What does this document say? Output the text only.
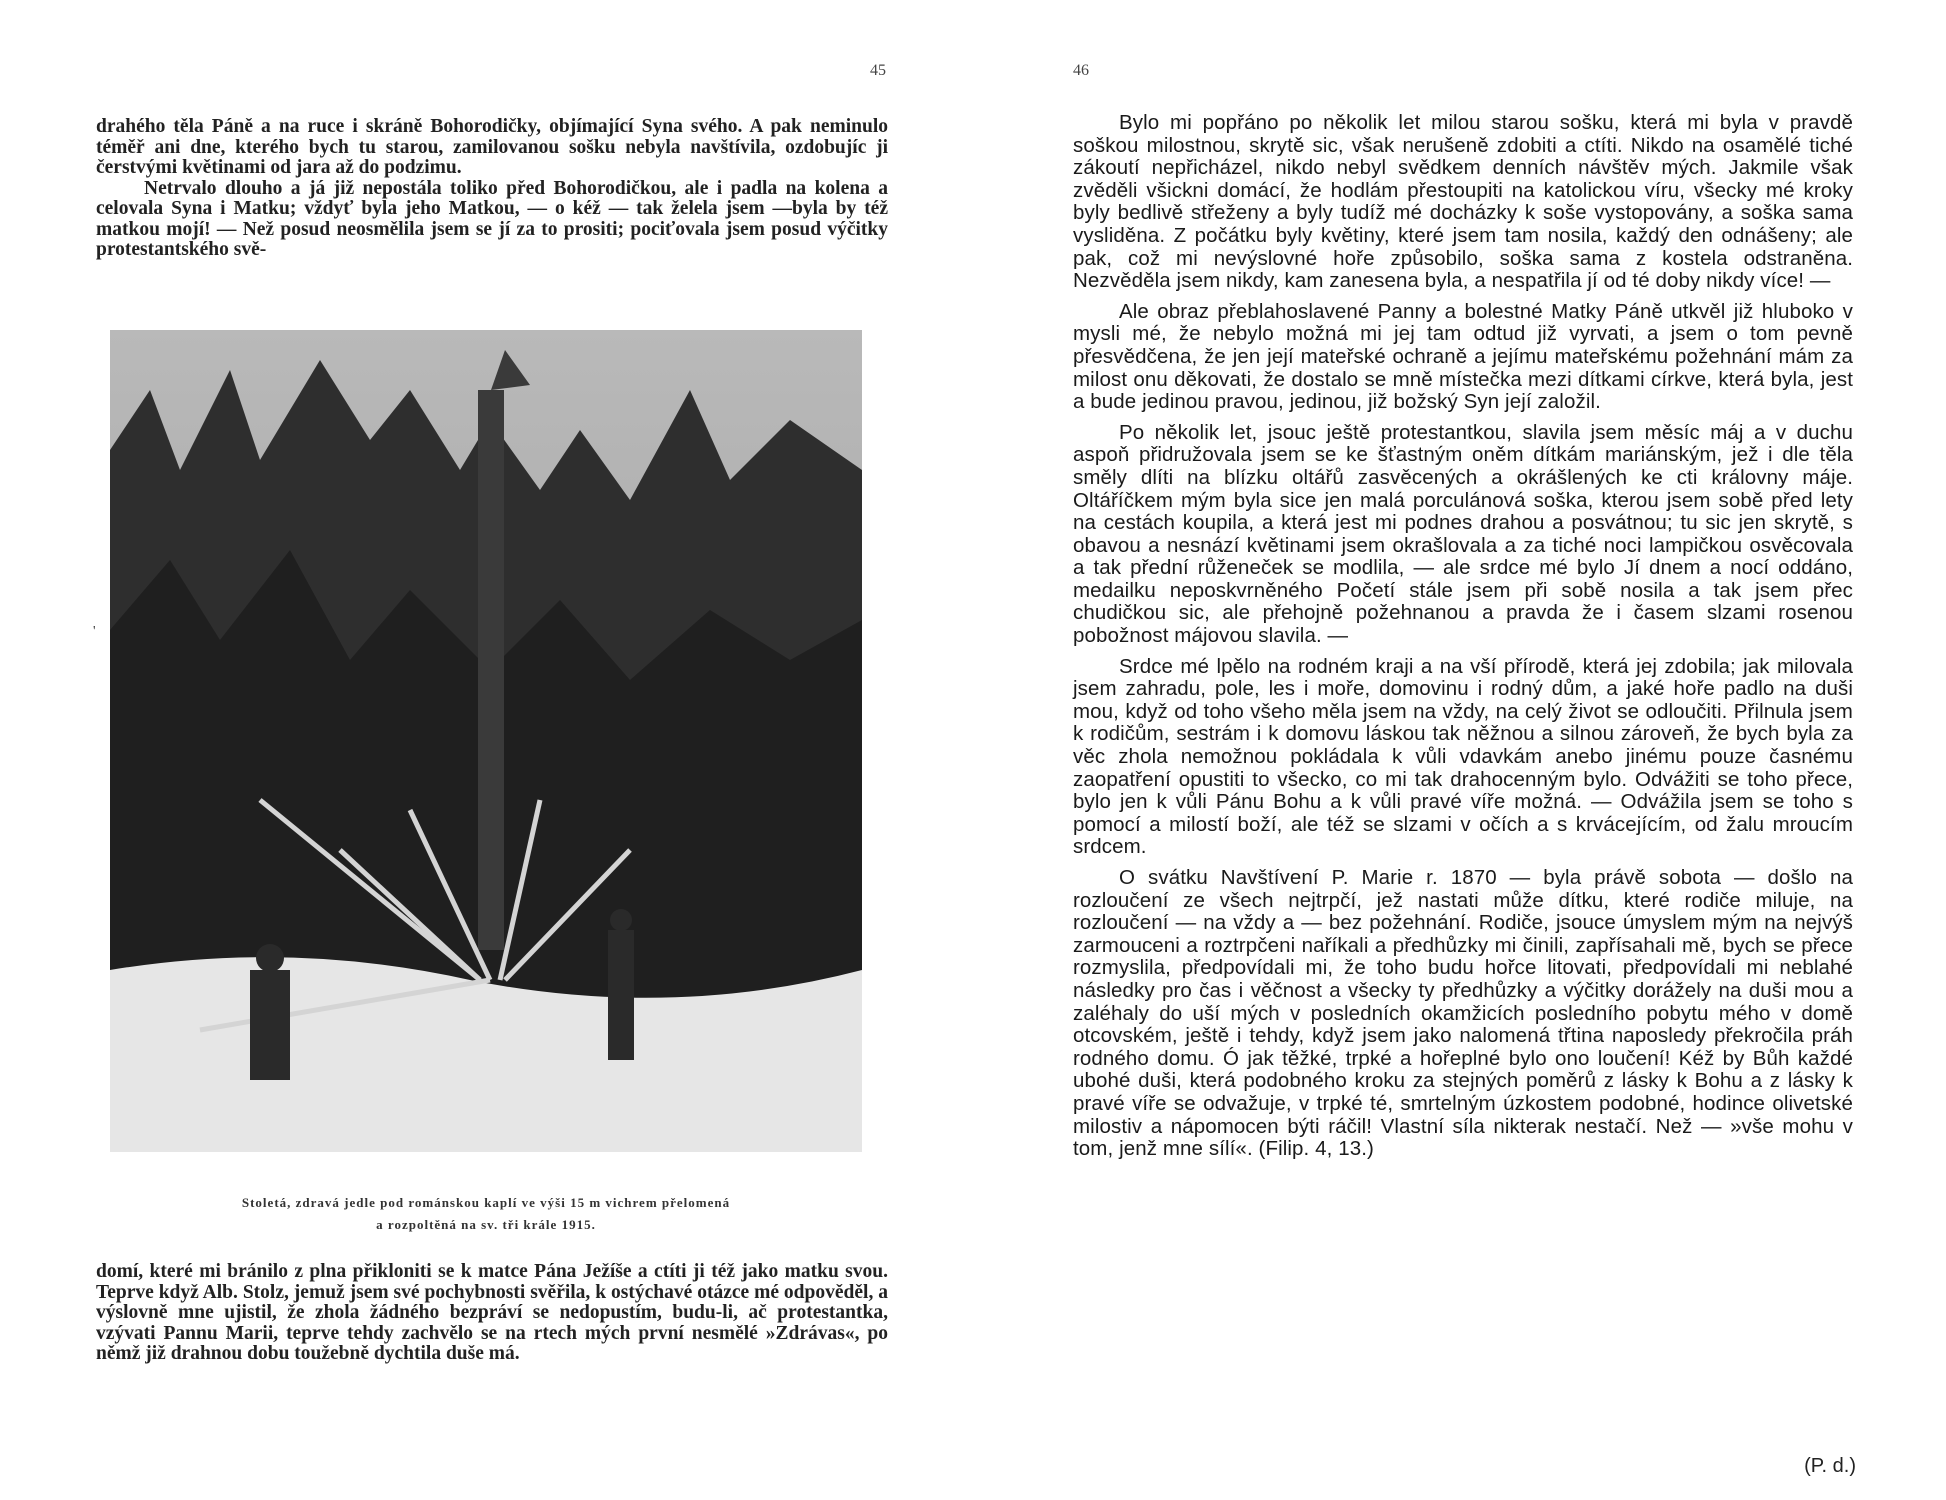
45

drahého těla Páně a na ruce i skráně Bohorodičky, objímající Syna svého. A pak neminulo téměř ani dne, kterého bych tu starou, zamilovanou sošku nebyla navštívila, ozdobujíc ji čerstvými květinami od jara až do podzimu.

Netrvalo dlouho a já již nepostála toliko před Bohorodičkou, ale i padla na kolena a celovala Syna i Matku; vždyť byla jeho Matkou, — o kéž — tak želela jsem —byla by též matkou mojí! — Než posud neosmělila jsem se jí za to prositi; pociťovala jsem posud výčitky protestantského svě-

'
Stoletá, zdravá jedle pod románskou kaplí ve výši 15 m vichrem přelomená
a rozpoltěná na sv. tři krále 1915.

domí, které mi bránilo z plna přikloniti se k matce Pána Ježíše a ctíti ji též jako matku svou. Teprve když Alb. Stolz, jemuž jsem své pochybnosti svěřila, k ostýchavé otázce mé odpověděl, a výslovně mne ujistil, že zhola žádného bezpráví se nedopustím, budu-li, ač protestantka, vzývati Pannu Marii, teprve tehdy zachvělo se na rtech mých první nesmělé »Zdrávas«, po němž již drahnou dobu toužebně dychtila duše má.

46

Bylo mi popřáno po několik let milou starou sošku, která mi byla v pravdě soškou milostnou, skrytě sic, však nerušeně zdobiti a ctíti. Nikdo na osamělé tiché zákoutí nepřicházel, nikdo nebyl svědkem denních návštěv mých. Jakmile však zvěděli všickni domácí, že hodlám přestoupiti na katolickou víru, všecky mé kroky byly bedlivě střeženy a byly tudíž mé docházky k soše vystopovány, a soška sama vysliděna. Z počátku byly květiny, které jsem tam nosila, každý den odnášeny; ale pak, což mi nevýslovné hoře způsobilo, soška sama z kostela odstraněna. Nezvěděla jsem nikdy, kam zanesena byla, a nespatřila jí od té doby nikdy více! —

Ale obraz přeblahoslavené Panny a bolestné Matky Páně utkvěl již hluboko v mysli mé, že nebylo možná mi jej tam odtud již vyrvati, a jsem o tom pevně přesvědčena, že jen její mateřské ochraně a jejímu mateřskému požehnání mám za milost onu děkovati, že dostalo se mně místečka mezi dítkami církve, která byla, jest a bude jedinou pravou, jedinou, již božský Syn její založil.

Po několik let, jsouc ještě protestantkou, slavila jsem měsíc máj a v duchu aspoň přidružovala jsem se ke šťastným oněm dítkám mariánským, jež i dle těla směly dlíti na blízku oltářů zasvěcených a okrášlených ke cti královny máje. Oltáříčkem mým byla sice jen malá porculánová soška, kterou jsem sobě před lety na cestách koupila, a která jest mi podnes drahou a posvátnou; tu sic jen skrytě, s obavou a nesnází květinami jsem okrašlovala a za tiché noci lampičkou osvěcovala a tak přední růženeček se modlila, — ale srdce mé bylo Jí dnem a nocí oddáno, medailku neposkvrněného Početí stále jsem při sobě nosila a tak jsem přec chudičkou sic, ale přehojně požehnanou a pravda že i časem slzami rosenou pobožnost májovou slavila. —

Srdce mé lpělo na rodném kraji a na vší přírodě, která jej zdobila; jak milovala jsem zahradu, pole, les i moře, domovinu i rodný dům, a jaké hoře padlo na duši mou, když od toho všeho měla jsem na vždy, na celý život se odloučiti. Přilnula jsem k rodičům, sestrám i k domovu láskou tak něžnou a silnou zároveň, že bych byla za věc zhola nemožnou pokládala k vůli vdavkám anebo jinému pouze časnému zaopatření opustiti to všecko, co mi tak drahocenným bylo. Odvážiti se toho přece, bylo jen k vůli Pánu Bohu a k vůli pravé víře možná. — Odvážila jsem se toho s pomocí a milostí boží, ale též se slzami v očích a s krvácejícím, od žalu mroucím srdcem.

O svátku Navštívení P. Marie r. 1870 — byla právě sobota — došlo na rozloučení ze všech nejtrpčí, jež nastati může dítku, které rodiče miluje, na rozloučení — na vždy a — bez požehnání. Rodiče, jsouce úmyslem mým na nejvýš zarmouceni a roztrpčeni naříkali a předhůzky mi činili, zapřísahali mě, bych se přece rozmyslila, předpovídali mi, že toho budu hořce litovati, předpovídali mi neblahé následky pro čas i věčnost a všecky ty předhůzky a výčitky dorážely na duši mou a zaléhaly do uší mých v posledních okamžicích posledního pobytu mého v domě otcovském, ještě i tehdy, když jsem jako nalomená třtina naposledy překročila práh rodného domu. Ó jak těžké, trpké a hořeplné bylo ono loučení! Kéž by Bůh každé ubohé duši, která podobného kroku za stejných poměrů z lásky k Bohu a z lásky k pravé víře se odvažuje, v trpké té, smrtelným úzkostem podobné, hodince olivetské milostiv a nápomocen býti ráčil! Vlastní síla nikterak nestačí. Než — »vše mohu v tom, jenž mne sílí«. (Filip. 4, 13.)

(P. d.)
